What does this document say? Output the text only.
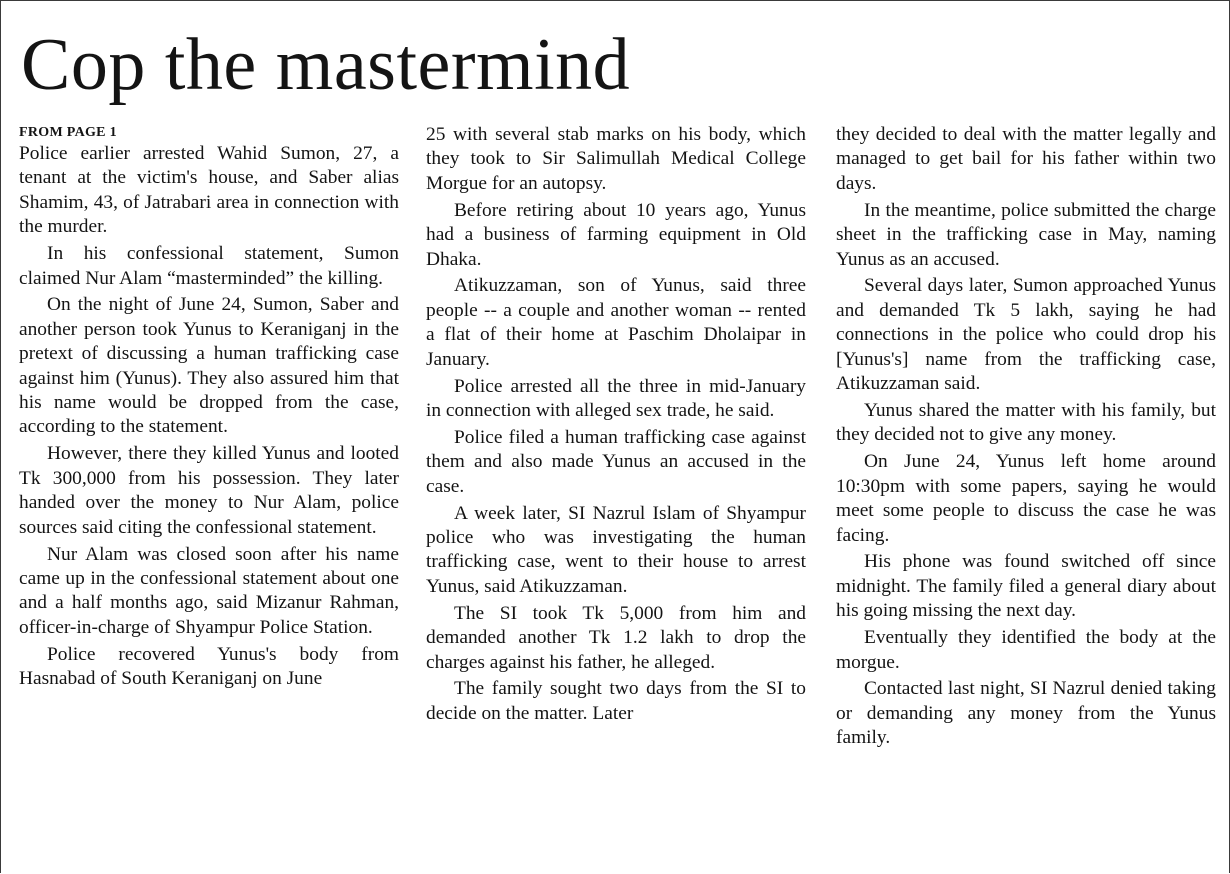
Cop the mastermind
FROM PAGE 1

Police earlier arrested Wahid Sumon, 27, a tenant at the victim's house, and Saber alias Shamim, 43, of Jatrabari area in connection with the murder.

In his confessional statement, Sumon claimed Nur Alam “masterminded” the killing.

On the night of June 24, Sumon, Saber and another person took Yunus to Keraniganj in the pretext of discussing a human trafficking case against him (Yunus). They also assured him that his name would be dropped from the case, according to the statement.

However, there they killed Yunus and looted Tk 300,000 from his possession. They later handed over the money to Nur Alam, police sources said citing the confessional statement.

Nur Alam was closed soon after his name came up in the confessional statement about one and a half months ago, said Mizanur Rahman, officer-in-charge of Shyampur Police Station.

Police recovered Yunus's body from Hasnabad of South Keraniganj on June

25 with several stab marks on his body, which they took to Sir Salimullah Medical College Morgue for an autopsy.

Before retiring about 10 years ago, Yunus had a business of farming equipment in Old Dhaka.

Atikuzzaman, son of Yunus, said three people -- a couple and another woman -- rented a flat of their home at Paschim Dholaipar in January.

Police arrested all the three in mid-January in connection with alleged sex trade, he said.

Police filed a human trafficking case against them and also made Yunus an accused in the case.

A week later, SI Nazrul Islam of Shyampur police who was investigating the human trafficking case, went to their house to arrest Yunus, said Atikuzzaman.

The SI took Tk 5,000 from him and demanded another Tk 1.2 lakh to drop the charges against his father, he alleged.

The family sought two days from the SI to decide on the matter. Later

they decided to deal with the matter legally and managed to get bail for his father within two days.

In the meantime, police submitted the charge sheet in the trafficking case in May, naming Yunus as an accused.

Several days later, Sumon approached Yunus and demanded Tk 5 lakh, saying he had connections in the police who could drop his [Yunus's] name from the trafficking case, Atikuzzaman said.

Yunus shared the matter with his family, but they decided not to give any money.

On June 24, Yunus left home around 10:30pm with some papers, saying he would meet some people to discuss the case he was facing.

His phone was found switched off since midnight. The family filed a general diary about his going missing the next day.

Eventually they identified the body at the morgue.

Contacted last night, SI Nazrul denied taking or demanding any money from the Yunus family.
